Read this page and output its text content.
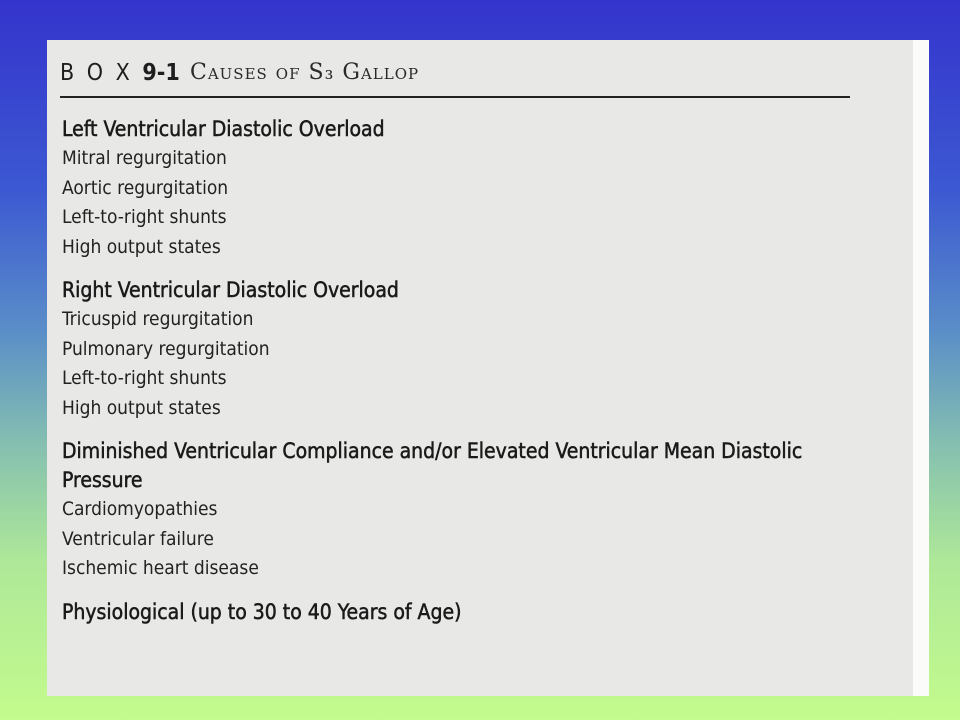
B O X 9-1 Causes of S₃ Gallop
Left Ventricular Diastolic Overload
Mitral regurgitation
Aortic regurgitation
Left-to-right shunts
High output states
Right Ventricular Diastolic Overload
Tricuspid regurgitation
Pulmonary regurgitation
Left-to-right shunts
High output states
Diminished Ventricular Compliance and/or Elevated Ventricular Mean Diastolic Pressure
Cardiomyopathies
Ventricular failure
Ischemic heart disease
Physiological (up to 30 to 40 Years of Age)
